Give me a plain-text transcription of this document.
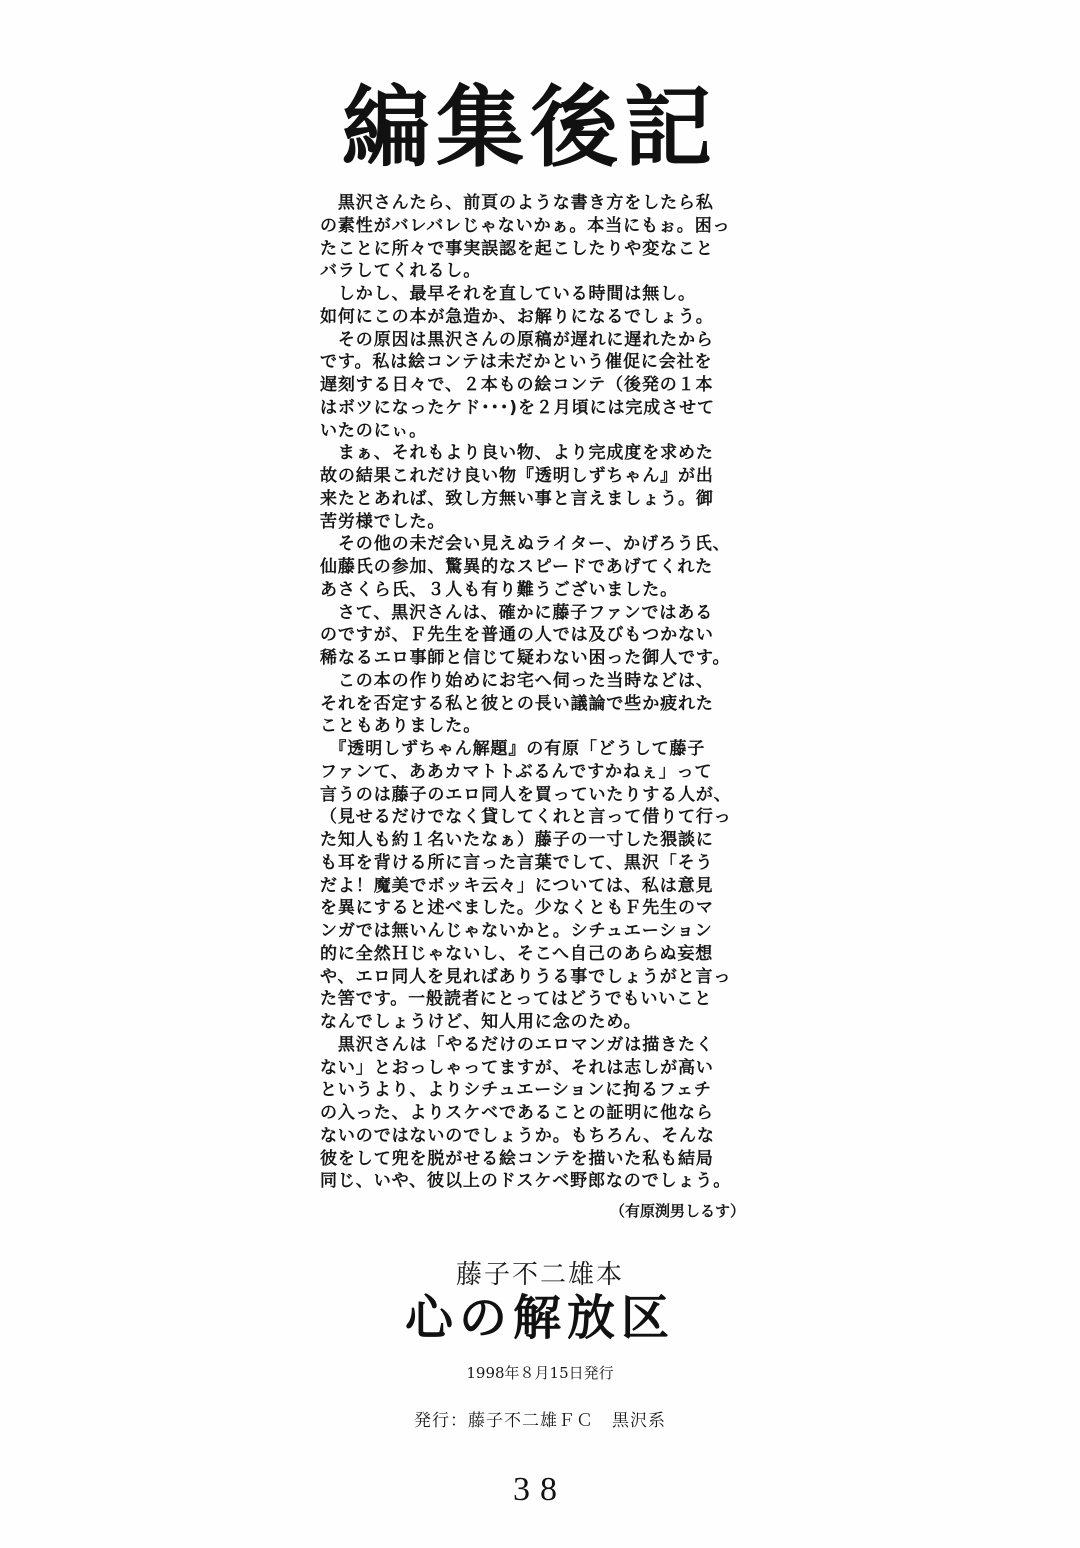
編集後記
　黒沢さんたら、前頁のような書き方をしたら私
の素性がバレバレじゃないかぁ。本当にもぉ。困っ
たことに所々で事実誤認を起こしたりや変なこと
バラしてくれるし。
　しかし、最早それを直している時間は無し。
如何にこの本が急造か、お解りになるでしょう。
　その原因は黒沢さんの原稿が遅れに遅れたから
です。私は絵コンテは未だかという催促に会社を
遅刻する日々で、２本もの絵コンテ（後発の１本
はボツになったケド･･･)を２月頃には完成させて
いたのにぃ。
　まぁ、それもより良い物、より完成度を求めた
故の結果これだけ良い物『透明しずちゃん』が出
来たとあれば、致し方無い事と言えましょう。御
苦労様でした。
　その他の未だ会い見えぬライター、かげろう氏、
仙藤氏の参加、驚異的なスピードであげてくれた
あさくら氏、３人も有り難うございました。
　さて、黒沢さんは、確かに藤子ファンではある
のですが、Ｆ先生を普通の人では及びもつかない
稀なるエロ事師と信じて疑わない困った御人です。
　この本の作り始めにお宅へ伺った当時などは、
それを否定する私と彼との長い議論で些か疲れた
こともありました。
　『透明しずちゃん解題』の有原「どうして藤子
ファンて、ああカマトトぶるんですかねぇ」って
言うのは藤子のエロ同人を買っていたりする人が、
（見せるだけでなく貸してくれと言って借りて行っ
た知人も約１名いたなぁ）藤子の一寸した猥談に
も耳を背ける所に言った言葉でして、黒沢「そう
だよ！魔美でボッキ云々」については、私は意見
を異にすると述べました。少なくともＦ先生のマ
ンガでは無いんじゃないかと。シチュエーション
的に全然Ｈじゃないし、そこへ自己のあらぬ妄想
や、エロ同人を見ればありうる事でしょうがと言っ
た筈です。一般読者にとってはどうでもいいこと
なんでしょうけど、知人用に念のため。
　黒沢さんは「やるだけのエロマンガは描きたく
ない」とおっしゃってますが、それは志しが高い
というより、よりシチュエーションに拘るフェチ
の入った、よりスケベであることの証明に他なら
ないのではないのでしょうか。もちろん、そんな
彼をして兜を脱がせる絵コンテを描いた私も結局
同じ、いや、彼以上のドスケベ野郎なのでしょう。
（有原渕男しるす）
藤子不二雄本
心の解放区
1998年８月15日発行
発行：藤子不二雄ＦＣ　黒沢系
38
